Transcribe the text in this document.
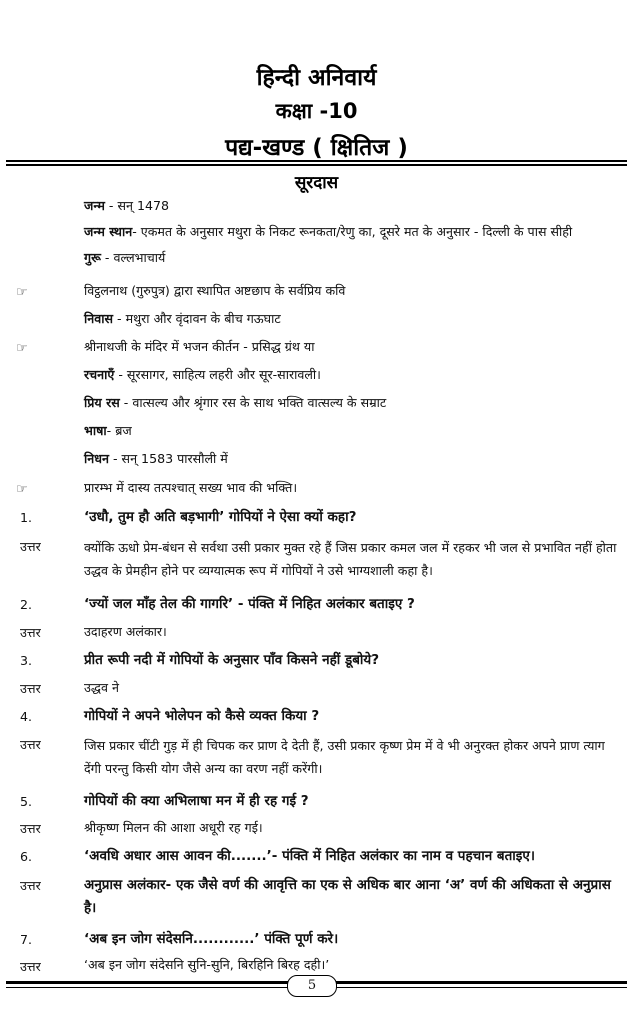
हिन्दी अनिवार्य
कक्षा -10
पद्य-खण्ड ( क्षितिज )
सूरदास
जन्म - सन् 1478
जन्म स्थान- एकमत के अनुसार मथुरा के निकट रूनकता/रेणु का, दूसरे मत के अनुसार - दिल्ली के पास सीही
गुरू - वल्लभाचार्य
☞	विट्ठलनाथ (गुरुपुत्र) द्वारा स्थापित अष्टछाप के सर्वप्रिय कवि
निवास - मथुरा और वृंदावन के बीच गऊघाट
☞	श्रीनाथजी के मंदिर में भजन कीर्तन - प्रसिद्ध ग्रंथ या
रचनाएँ - सूरसागर, साहित्य लहरी और सूर-सारावली।
प्रिय रस - वात्सल्य और श्रृंगार रस के साथ भक्ति वात्सल्य के सम्राट
भाषा- ब्रज
निधन - सन् 1583 पारसौली में
☞	प्रारम्भ में दास्य तत्पश्चात् सख्य भाव की भक्ति।
1.	‘उधौ, तुम हौ अति बड़भागी’ गोपियों ने ऐसा क्यों कहा?
उत्तर	क्योंकि ऊधो प्रेम-बंधन से सर्वथा उसी प्रकार मुक्त रहे हैं जिस प्रकार कमल जल में रहकर भी जल से प्रभावित नहीं होता उद्धव के प्रेमहीन होने पर व्यग्यात्मक रूप में गोपियों ने उसे भाग्यशाली कहा है।
2.	‘ज्यों जल माँह तेल की गागरि’ - पंक्ति में निहित अलंकार बताइए ?
उत्तर	उदाहरण अलंकार।
3.	प्रीत रूपी नदी में गोपियों के अनुसार पाँव किसने नहीं डूबोये?
उत्तर	उद्धव ने
4.	गोपियों ने अपने भोलेपन को कैसे व्यक्त किया ?
उत्तर	जिस प्रकार चींटी गुड़ में ही चिपक कर प्राण दे देती हैं, उसी प्रकार कृष्ण प्रेम में वे भी अनुरक्त होकर अपने प्राण त्याग देंगी परन्तु किसी योग जैसे अन्य का वरण नहीं करेंगी।
5.	गोपियों की क्या अभिलाषा मन में ही रह गई ?
उत्तर	श्रीकृष्ण मिलन की आशा अधूरी रह गई।
6.	‘अवधि अधार आस आवन की.......’- पंक्ति में निहित अलंकार का नाम व पहचान बताइए।
उत्तर	अनुप्रास अलंकार- एक जैसे वर्ण की आवृत्ति का एक से अधिक बार आना ‘अ’ वर्ण की अधिकता से अनुप्रास है।
7.	‘अब इन जोग संदेसनि............’ पंक्ति पूर्ण करे।
उत्तर	‘अब इन जोग संदेसनि सुनि-सुनि, बिरहिनि बिरह दही।’
5
